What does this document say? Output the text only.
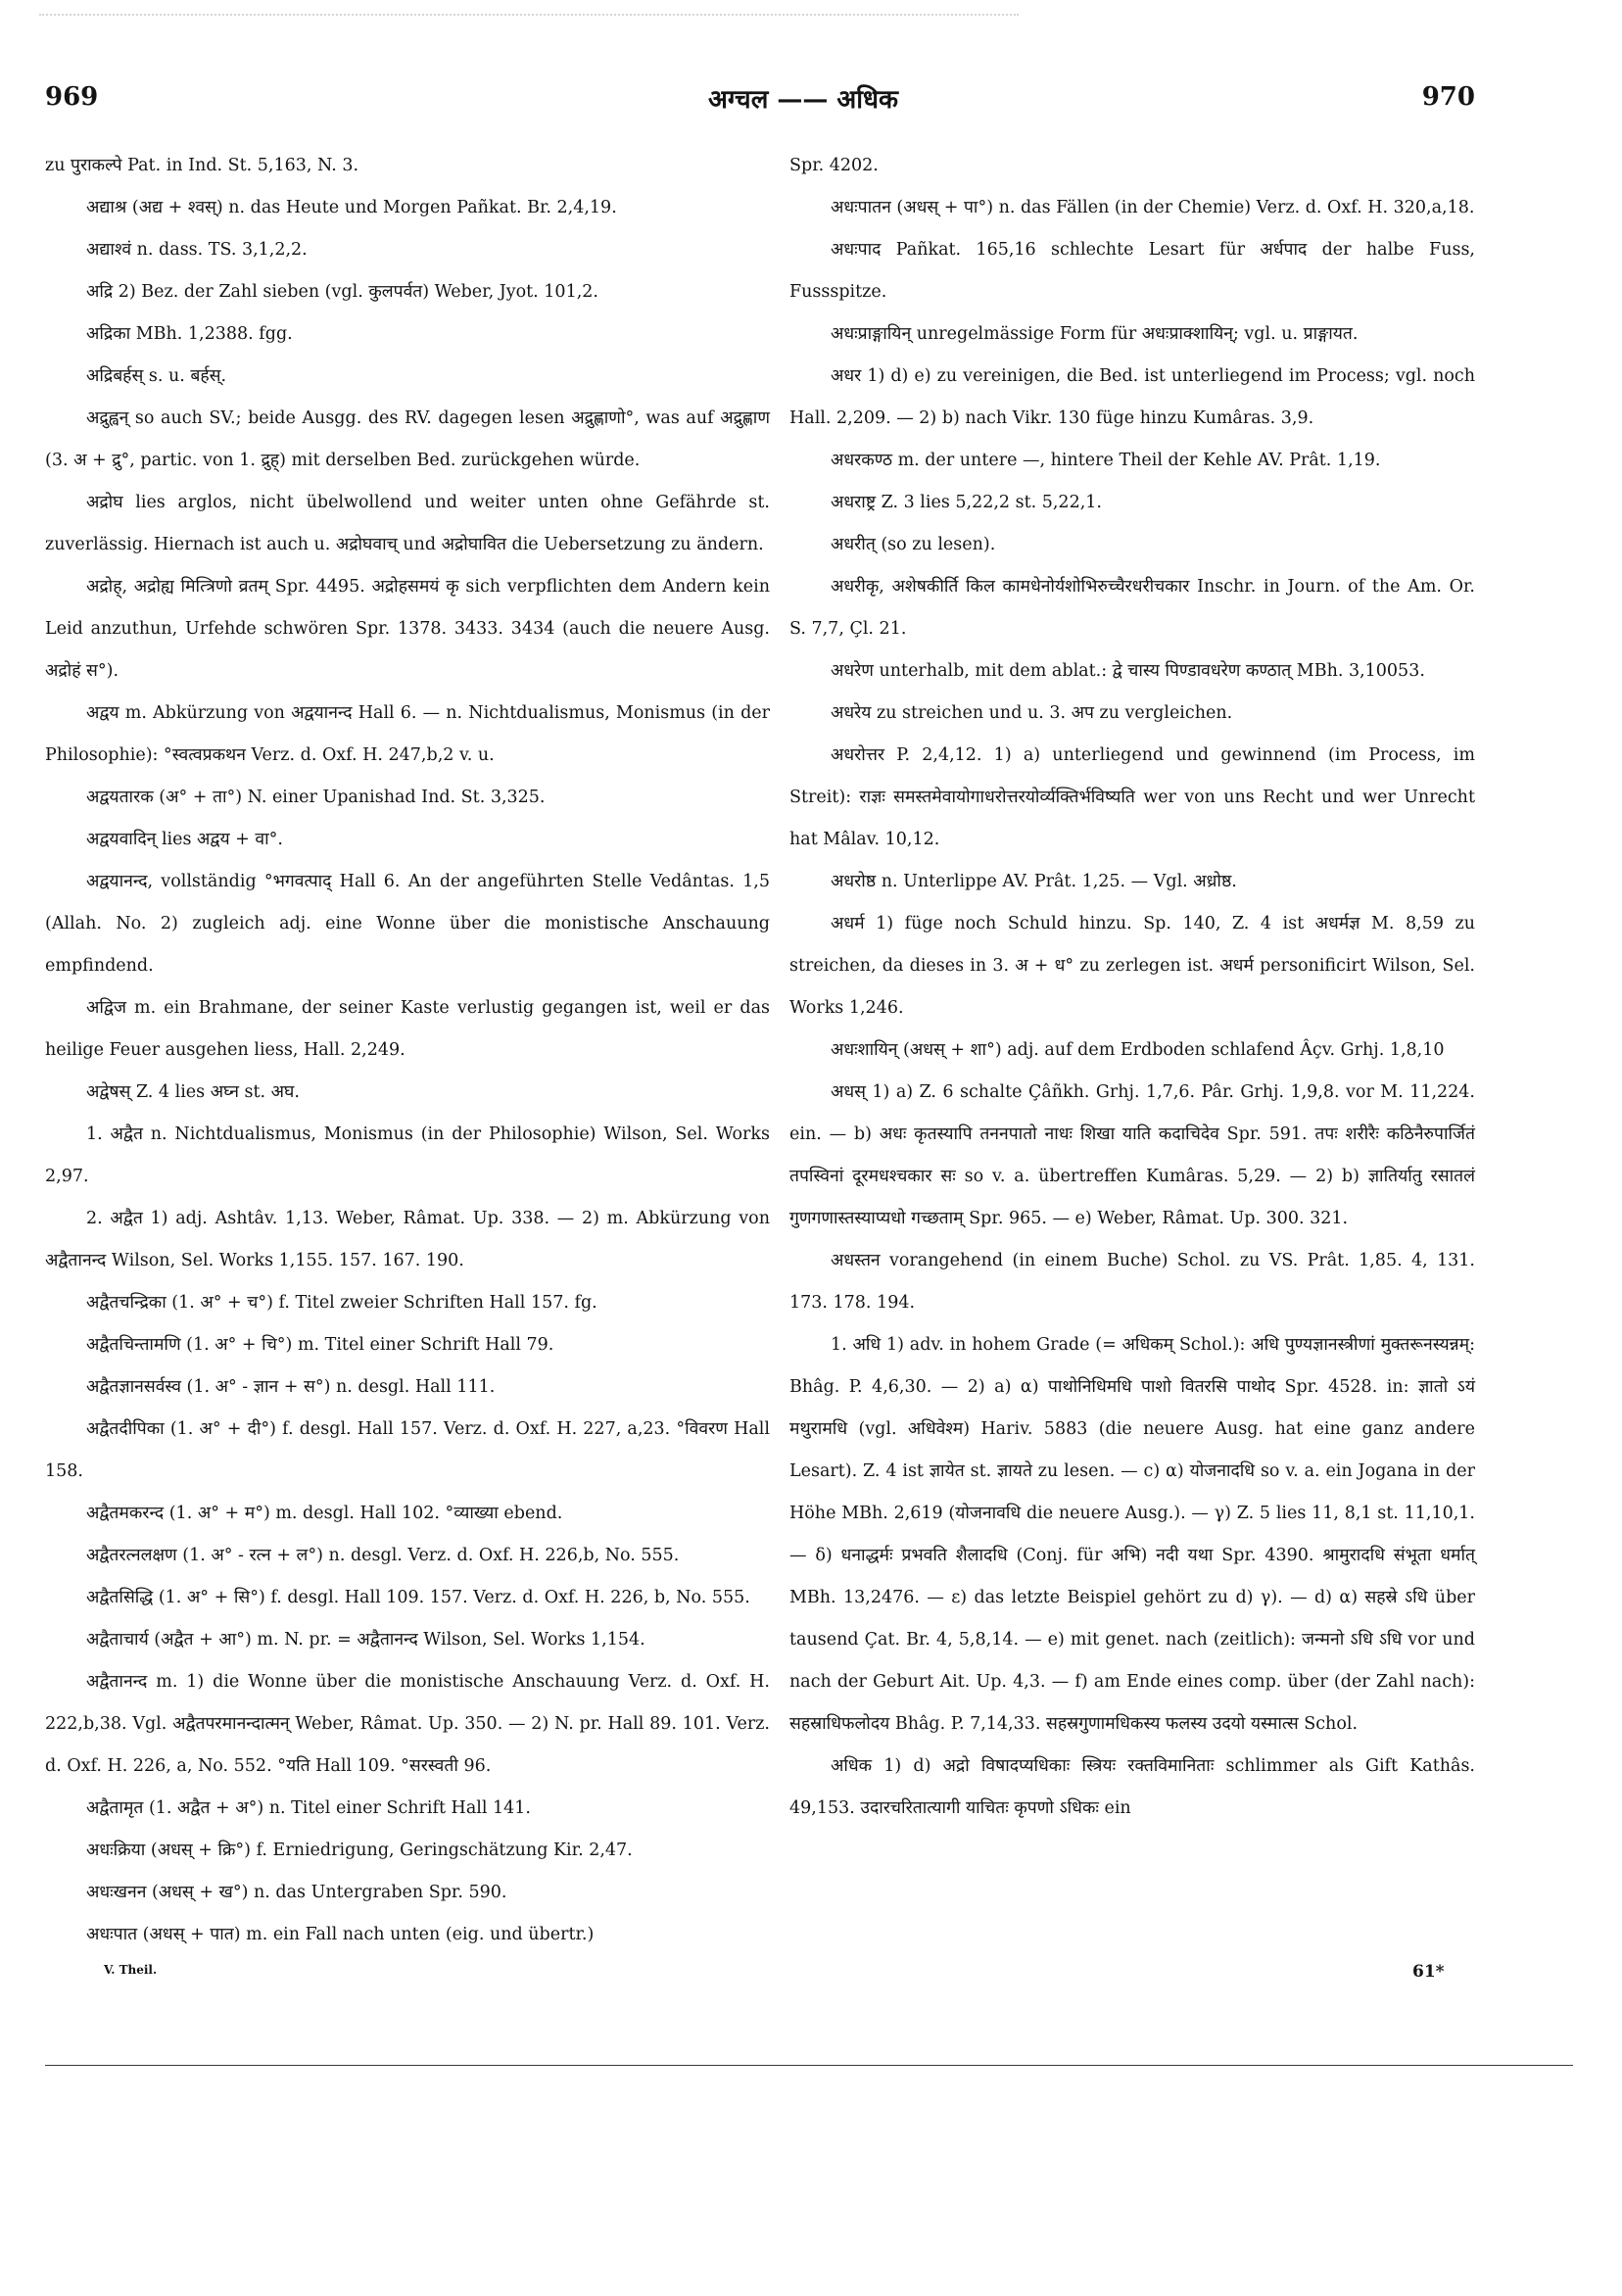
969	अग्चल —— अधिक	970

zu पुराकल्पे Pat. in Ind. St. 5,163, N. 3.

अद्याश्र (अद्य + श्वस्) n. das Heute und Morgen Pañkat. Br. 2,4,19.

अद्याश्वं n. dass. TS. 3,1,2,2.

अद्रि 2) Bez. der Zahl sieben (vgl. कुलपर्वत) Weber, Jyot. 101,2.

अद्रिका MBh. 1,2388. fgg.

अद्रिबर्हस् s. u. बर्हस्.

अद्रुह्वन् so auch SV.; beide Ausgg. des RV. dagegen lesen अद्रुह्णाणो°, was auf अद्रुह्णाण (3. अ + द्रु°, partic. von 1. द्रुह्) mit derselben Bed. zurückgehen würde.

अद्रोघ lies arglos, nicht übelwollend und weiter unten ohne Gefährde st. zuverlässig. Hiernach ist auch u. अद्रोघवाच् und अद्रोघावित die Uebersetzung zu ändern.

अद्रोह्, अद्रोह्य मित्त्रिणो व्रतम् Spr. 4495. अद्रोहसमयं कृ sich verpflichten dem Andern kein Leid anzuthun, Urfehde schwören Spr. 1378. 3433. 3434 (auch die neuere Ausg. अद्रोहं स°).

अद्वय m. Abkürzung von अद्वयानन्द Hall 6. — n. Nichtdualismus, Monismus (in der Philosophie): °स्वत्वप्रकथन Verz. d. Oxf. H. 247,b,2 v. u.

अद्वयतारक (अ° + ता°) N. einer Upanishad Ind. St. 3,325.

अद्वयवादिन् lies अद्वय + वा°.

अद्वयानन्द, vollständig °भगवत्पाद् Hall 6. An der angeführten Stelle Vedântas. 1,5 (Allah. No. 2) zugleich adj. eine Wonne über die monistische Anschauung empfindend.

अद्विज m. ein Brahmane, der seiner Kaste verlustig gegangen ist, weil er das heilige Feuer ausgehen liess, Hall. 2,249.

अद्वेषस् Z. 4 lies अघ्न st. अघ.

1. अद्वैत n. Nichtdualismus, Monismus (in der Philosophie) Wilson, Sel. Works 2,97.

2. अद्वैत 1) adj. Ashtâv. 1,13. Weber, Râmat. Up. 338. — 2) m. Abkürzung von अद्वैतानन्द Wilson, Sel. Works 1,155. 157. 167. 190.

अद्वैतचन्द्रिका (1. अ° + च°) f. Titel zweier Schriften Hall 157. fg.

अद्वैतचिन्तामणि (1. अ° + चि°) m. Titel einer Schrift Hall 79.

अद्वैतज्ञानसर्वस्व (1. अ° - ज्ञान + स°) n. desgl. Hall 111.

अद्वैतदीपिका (1. अ° + दी°) f. desgl. Hall 157. Verz. d. Oxf. H. 227, a,23. °विवरण Hall 158.

अद्वैतमकरन्द (1. अ° + म°) m. desgl. Hall 102. °व्याख्या ebend.

अद्वैतरत्नलक्षण (1. अ° - रत्न + ल°) n. desgl. Verz. d. Oxf. H. 226,b, No. 555.

अद्वैतसिद्धि (1. अ° + सि°) f. desgl. Hall 109. 157. Verz. d. Oxf. H. 226, b, No. 555.

अद्वैताचार्य (अद्वैत + आ°) m. N. pr. = अद्वैतानन्द Wilson, Sel. Works 1,154.

अद्वैतानन्द m. 1) die Wonne über die monistische Anschauung Verz. d. Oxf. H. 222,b,38. Vgl. अद्वैतपरमानन्दात्मन् Weber, Râmat. Up. 350. — 2) N. pr. Hall 89. 101. Verz. d. Oxf. H. 226, a, No. 552. °यति Hall 109. °सरस्वती 96.

अद्वैतामृत (1. अद्वैत + अ°) n. Titel einer Schrift Hall 141.

अधःक्रिया (अधस् + क्रि°) f. Erniedrigung, Geringschätzung Kir. 2,47.

अधःखनन (अधस् + ख°) n. das Untergraben Spr. 590.

अधःपात (अधस् + पात) m. ein Fall nach unten (eig. und übertr.)

Spr. 4202.

अधःपातन (अधस् + पा°) n. das Fällen (in der Chemie) Verz. d. Oxf. H. 320,a,18.

अधःपाद Pañkat. 165,16 schlechte Lesart für अर्धपाद der halbe Fuss, Fussspitze.

अधःप्राङ्गायिन् unregelmässige Form für अधःप्राक्शायिन्; vgl. u. प्राङ्गायत.

अधर 1) d) e) zu vereinigen, die Bed. ist unterliegend im Process; vgl. noch Hall. 2,209. — 2) b) nach Vikr. 130 füge hinzu Kumâras. 3,9.

अधरकण्ठ m. der untere —, hintere Theil der Kehle AV. Prât. 1,19.

अधराष्ट्र Z. 3 lies 5,22,2 st. 5,22,1.

अधरीत् (so zu lesen).

अधरीकृ, अशेषकीर्ति किल कामधेनोर्यशोभिरुच्चैरधरीचकार Inschr. in Journ. of the Am. Or. S. 7,7, Çl. 21.

अधरेण unterhalb, mit dem ablat.: द्वे चास्य पिण्डावधरेण कण्ठात् MBh. 3,10053.

अधरेय zu streichen und u. 3. अप zu vergleichen.

अधरोत्तर P. 2,4,12. 1) a) unterliegend und gewinnend (im Process, im Streit): राज्ञः समस्तमेवायोगाधरोत्तरयोर्व्यक्तिर्भविष्यति wer von uns Recht und wer Unrecht hat Mâlav. 10,12.

अधरोष्ठ n. Unterlippe AV. Prât. 1,25. — Vgl. अध्रोष्ठ.

अधर्म 1) füge noch Schuld hinzu. Sp. 140, Z. 4 ist अधर्मज्ञ M. 8,59 zu streichen, da dieses in 3. अ + ध° zu zerlegen ist. अधर्म personificirt Wilson, Sel. Works 1,246.

अधःशायिन् (अधस् + शा°) adj. auf dem Erdboden schlafend Âçv. Grhj. 1,8,10

अधस् 1) a) Z. 6 schalte Çâñkh. Grhj. 1,7,6. Pâr. Grhj. 1,9,8. vor M. 11,224. ein. — b) अधः कृतस्यापि तननपातो नाधः शिखा याति कदाचिदेव Spr. 591. तपः शरीरैः कठिनैरुपार्जितं तपस्विनां दूरमधश्चकार सः so v. a. übertreffen Kumâras. 5,29. — 2) b) ज्ञातिर्यातु रसातलं गुणगणास्तस्याप्यधो गच्छताम् Spr. 965. — e) Weber, Râmat. Up. 300. 321.

अधस्तन vorangehend (in einem Buche) Schol. zu VS. Prât. 1,85. 4, 131. 173. 178. 194.

1. अधि 1) adv. in hohem Grade (= अधिकम् Schol.): अधि पुण्यज्ञानस्त्रीणां मुक्तरूनस्यन्नम्: Bhâg. P. 4,6,30. — 2) a) α) पाथोनिधिमधि पाशो वितरसि पाथोद Spr. 4528. in: ज्ञातो ऽयं मथुरामधि (vgl. अधिवेश्म) Hariv. 5883 (die neuere Ausg. hat eine ganz andere Lesart). Z. 4 ist ज्ञायेत st. ज्ञायते zu lesen. — c) α) योजनादधि so v. a. ein Jogana in der Höhe MBh. 2,619 (योजनावधि die neuere Ausg.). — γ) Z. 5 lies 11, 8,1 st. 11,10,1. — δ) धनाद्धर्मः प्रभवति शैलादधि (Conj. für अभि) नदी यथा Spr. 4390. श्रामुरादधि संभूता धर्मात् MBh. 13,2476. — ε) das letzte Beispiel gehört zu d) γ). — d) α) सहस्रे ऽधि über tausend Çat. Br. 4, 5,8,14. — e) mit genet. nach (zeitlich): जन्मनो ऽधि ऽधि vor und nach der Geburt Ait. Up. 4,3. — f) am Ende eines comp. über (der Zahl nach): सहस्राधिफलोदय Bhâg. P. 7,14,33. सहस्रगुणामधिकस्य फलस्य उदयो यस्मात्स Schol.

अधिक 1) d) अद्रो विषादप्यधिकाः स्त्रियः रक्तविमानिताः schlimmer als Gift Kathâs. 49,153. उदारचरितात्यागी याचितः कृपणो ऽधिकः ein

V. Theil.	61*
